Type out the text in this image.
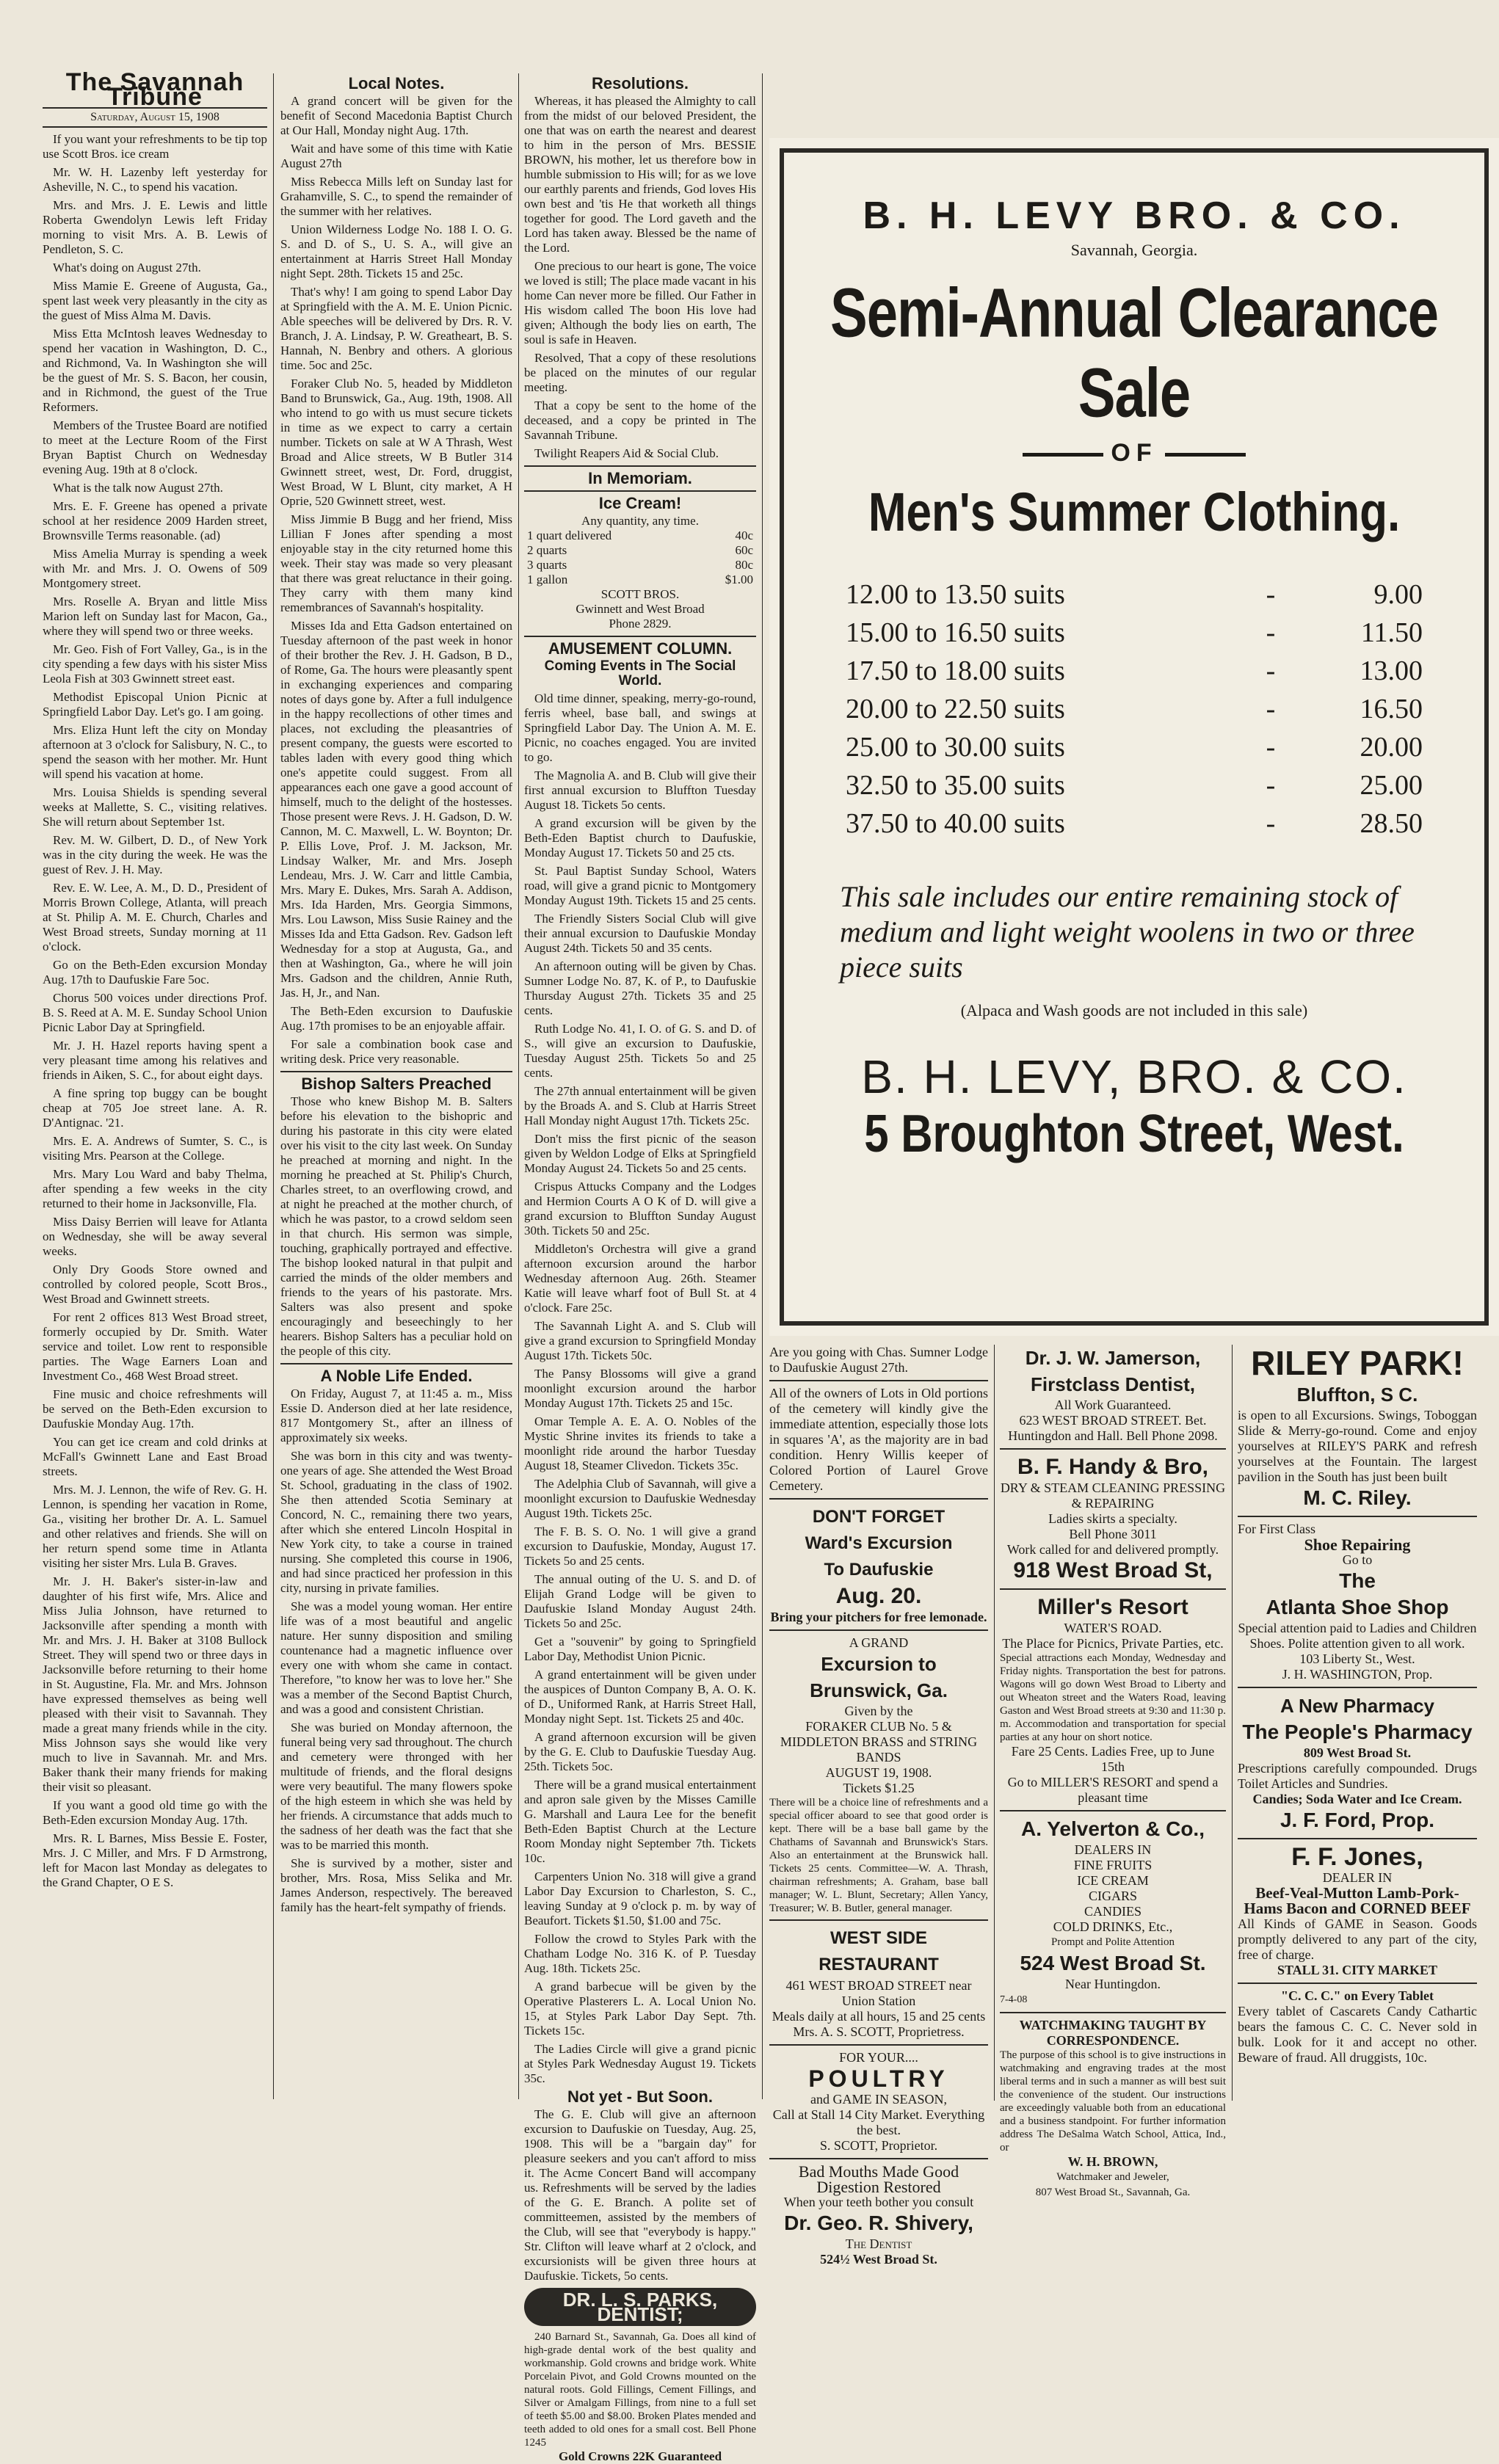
The Savannah Tribune
Saturday, August 15, 1908

If you want your refreshments to be tip top use Scott Bros. ice cream

Mr. W. H. Lazenby left yesterday for Asheville, N. C., to spend his vacation.

Mrs. and Mrs. J. E. Lewis and little Roberta Gwendolyn Lewis left Friday morning to visit Mrs. A. B. Lewis of Pendleton, S. C.

What's doing on August 27th.

Miss Mamie E. Greene of Augusta, Ga., spent last week very pleasantly in the city as the guest of Miss Alma M. Davis.

Miss Etta McIntosh leaves Wednesday to spend her vacation in Washington, D. C., and Richmond, Va. In Washington she will be the guest of Mr. S. S. Bacon, her cousin, and in Richmond, the guest of the True Reformers.

Members of the Trustee Board are notified to meet at the Lecture Room of the First Bryan Baptist Church on Wednesday evening Aug. 19th at 8 o'clock.

What is the talk now August 27th.

Mrs. E. F. Greene has opened a private school at her residence 2009 Harden street, Brownsville Terms reasonable. (ad)

Miss Amelia Murray is spending a week with Mr. and Mrs. J. O. Owens of 509 Montgomery street.

Mrs. Roselle A. Bryan and little Miss Marion left on Sunday last for Macon, Ga., where they will spend two or three weeks.

Mr. Geo. Fish of Fort Valley, Ga., is in the city spending a few days with his sister Miss Leola Fish at 303 Gwinnett street east.

Methodist Episcopal Union Picnic at Springfield Labor Day. Let's go. I am going.

Mrs. Eliza Hunt left the city on Monday afternoon at 3 o'clock for Salisbury, N. C., to spend the season with her mother. Mr. Hunt will spend his vacation at home.

Mrs. Louisa Shields is spending several weeks at Mallette, S. C., visiting relatives. She will return about September 1st.

Rev. M. W. Gilbert, D. D., of New York was in the city during the week. He was the guest of Rev. J. H. May.

Rev. E. W. Lee, A. M., D. D., President of Morris Brown College, Atlanta, will preach at St. Philip A. M. E. Church, Charles and West Broad streets, Sunday morning at 11 o'clock.

Go on the Beth-Eden excursion Monday Aug. 17th to Daufuskie Fare 5oc.

Chorus 500 voices under directions Prof. B. S. Reed at A. M. E. Sunday School Union Picnic Labor Day at Springfield.

Mr. J. H. Hazel reports having spent a very pleasant time among his relatives and friends in Aiken, S. C., for about eight days.

A fine spring top buggy can be bought cheap at 705 Joe street lane. A. R. D'Antignac. '21.

Mrs. E. A. Andrews of Sumter, S. C., is visiting Mrs. Pearson at the College.

Mrs. Mary Lou Ward and baby Thelma, after spending a few weeks in the city returned to their home in Jacksonville, Fla.

Miss Daisy Berrien will leave for Atlanta on Wednesday, she will be away several weeks.

Only Dry Goods Store owned and controlled by colored people, Scott Bros., West Broad and Gwinnett streets.

For rent 2 offices 813 West Broad street, formerly occupied by Dr. Smith. Water service and toilet. Low rent to responsible parties. The Wage Earners Loan and Investment Co., 468 West Broad street.

Fine music and choice refreshments will be served on the Beth-Eden excursion to Daufuskie Monday Aug. 17th.

You can get ice cream and cold drinks at McFall's Gwinnett Lane and East Broad streets.

Mrs. M. J. Lennon, the wife of Rev. G. H. Lennon, is spending her vacation in Rome, Ga., visiting her brother Dr. A. L. Samuel and other relatives and friends. She will on her return spend some time in Atlanta visiting her sister Mrs. Lula B. Graves.

Mr. J. H. Baker's sister-in-law and daughter of his first wife, Mrs. Alice and Miss Julia Johnson, have returned to Jacksonville after spending a month with Mr. and Mrs. J. H. Baker at 3108 Bullock Street. They will spend two or three days in Jacksonville before returning to their home in St. Augustine, Fla. Mr. and Mrs. Johnson have expressed themselves as being well pleased with their visit to Savannah. They made a great many friends while in the city. Miss Johnson says she would like very much to live in Savannah. Mr. and Mrs. Baker thank their many friends for making their visit so pleasant.

If you want a good old time go with the Beth-Eden excursion Monday Aug. 17th.

Mrs. R. L Barnes, Miss Bessie E. Foster, Mrs. J. C Miller, and Mrs. F D Armstrong, left for Macon last Monday as delegates to the Grand Chapter, O E S.

Local Notes.

A grand concert will be given for the benefit of Second Macedonia Baptist Church at Our Hall, Monday night Aug. 17th.

Wait and have some of this time with Katie August 27th

Miss Rebecca Mills left on Sunday last for Grahamville, S. C., to spend the remainder of the summer with her relatives.

Union Wilderness Lodge No. 188 I. O. G. S. and D. of S., U. S. A., will give an entertainment at Harris Street Hall Monday night Sept. 28th. Tickets 15 and 25c.

That's why! I am going to spend Labor Day at Springfield with the A. M. E. Union Picnic. Able speeches will be delivered by Drs. R. V. Branch, J. A. Lindsay, P. W. Greatheart, B. S. Hannah, N. Benbry and others. A glorious time. 5oc and 25c.

Foraker Club No. 5, headed by Middleton Band to Brunswick, Ga., Aug. 19th, 1908. All who intend to go with us must secure tickets in time as we expect to carry a certain number. Tickets on sale at W A Thrash, West Broad and Alice streets, W B Butler 314 Gwinnett street, west, Dr. Ford, druggist, West Broad, W L Blunt, city market, A H Oprie, 520 Gwinnett street, west.

Miss Jimmie B Bugg and her friend, Miss Lillian F Jones after spending a most enjoyable stay in the city returned home this week. Their stay was made so very pleasant that there was great reluctance in their going. They carry with them many kind remembrances of Savannah's hospitality.

Misses Ida and Etta Gadson entertained on Tuesday afternoon of the past week in honor of their brother the Rev. J. H. Gadson, B D., of Rome, Ga. The hours were pleasantly spent in exchanging experiences and comparing notes of days gone by. After a full indulgence in the happy recollections of other times and places, not excluding the pleasantries of present company, the guests were escorted to tables laden with every good thing which one's appetite could suggest. From all appearances each one gave a good account of himself, much to the delight of the hostesses. Those present were Revs. J. H. Gadson, D. W. Cannon, M. C. Maxwell, L. W. Boynton; Dr. P. Ellis Love, Prof. J. M. Jackson, Mr. Lindsay Walker, Mr. and Mrs. Joseph Lendeau, Mrs. J. W. Carr and little Cambia, Mrs. Mary E. Dukes, Mrs. Sarah A. Addison, Mrs. Ida Harden, Mrs. Georgia Simmons, Mrs. Lou Lawson, Miss Susie Rainey and the Misses Ida and Etta Gadson. Rev. Gadson left Wednesday for a stop at Augusta, Ga., and then at Washington, Ga., where he will join Mrs. Gadson and the children, Annie Ruth, Jas. H, Jr., and Nan.

The Beth-Eden excursion to Daufuskie Aug. 17th promises to be an enjoyable affair.

For sale a combination book case and writing desk. Price very reasonable.

Bishop Salters Preached

Those who knew Bishop M. B. Salters before his elevation to the bishopric and during his pastorate in this city were elated over his visit to the city last week. On Sunday he preached at morning and night. In the morning he preached at St. Philip's Church, Charles street, to an overflowing crowd, and at night he preached at the mother church, of which he was pastor, to a crowd seldom seen in that church. His sermon was simple, touching, graphically portrayed and effective. The bishop looked natural in that pulpit and carried the minds of the older members and friends to the years of his pastorate. Mrs. Salters was also present and spoke encouragingly and beseechingly to her hearers. Bishop Salters has a peculiar hold on the people of this city.

A Noble Life Ended.

On Friday, August 7, at 11:45 a. m., Miss Essie D. Anderson died at her late residence, 817 Montgomery St., after an illness of approximately six weeks.

She was born in this city and was twenty-one years of age. She attended the West Broad St. School, graduating in the class of 1902. She then attended Scotia Seminary at Concord, N. C., remaining there two years, after which she entered Lincoln Hospital in New York city, to take a course in trained nursing. She completed this course in 1906, and had since practiced her profession in this city, nursing in private families.

She was a model young woman. Her entire life was of a most beautiful and angelic nature. Her sunny disposition and smiling countenance had a magnetic influence over every one with whom she came in contact. Therefore, "to know her was to love her." She was a member of the Second Baptist Church, and was a good and consistent Christian.

She was buried on Monday afternoon, the funeral being very sad throughout. The church and cemetery were thronged with her multitude of friends, and the floral designs were very beautiful. The many flowers spoke of the high esteem in which she was held by her friends. A circumstance that adds much to the sadness of her death was the fact that she was to be married this month.

She is survived by a mother, sister and brother, Mrs. Rosa, Miss Selika and Mr. James Anderson, respectively. The bereaved family has the heart-felt sympathy of friends.

Resolutions.

Whereas, it has pleased the Almighty to call from the midst of our beloved President, the one that was on earth the nearest and dearest to him in the person of Mrs. BESSIE BROWN, his mother, let us therefore bow in humble submission to His will; for as we love our earthly parents and friends, God loves His own best and 'tis He that worketh all things together for good. The Lord gaveth and the Lord has taken away. Blessed be the name of the Lord.

One precious to our heart is gone, The voice we loved is still; The place made vacant in his home Can never more be filled. Our Father in His wisdom called The boon His love had given; Although the body lies on earth, The soul is safe in Heaven.

Resolved, That a copy of these resolutions be placed on the minutes of our regular meeting.

That a copy be sent to the home of the deceased, and a copy be printed in The Savannah Tribune.

Twilight Reapers Aid & Social Club.

In Memoriam.
Ice Cream!
Any quantity, any time.
1 quart delivered	40c
2 quarts	60c
3 quarts	80c
1 gallon	$1.00
SCOTT BROS.
Gwinnett and West Broad
Phone 2829.
AMUSEMENT COLUMN.
Coming Events in The Social World.

Old time dinner, speaking, merry-go-round, ferris wheel, base ball, and swings at Springfield Labor Day. The Union A. M. E. Picnic, no coaches engaged. You are invited to go.

The Magnolia A. and B. Club will give their first annual excursion to Bluffton Tuesday August 18. Tickets 5o cents.

A grand excursion will be given by the Beth-Eden Baptist church to Daufuskie, Monday August 17. Tickets 50 and 25 cts.

St. Paul Baptist Sunday School, Waters road, will give a grand picnic to Montgomery Monday August 19th. Tickets 15 and 25 cents.

The Friendly Sisters Social Club will give their annual excursion to Daufuskie Monday August 24th. Tickets 50 and 35 cents.

An afternoon outing will be given by Chas. Sumner Lodge No. 87, K. of P., to Daufuskie Thursday August 27th. Tickets 35 and 25 cents.

Ruth Lodge No. 41, I. O. of G. S. and D. of S., will give an excursion to Daufuskie, Tuesday August 25th. Tickets 5o and 25 cents.

The 27th annual entertainment will be given by the Broads A. and S. Club at Harris Street Hall Monday night August 17th. Tickets 25c.

Don't miss the first picnic of the season given by Weldon Lodge of Elks at Springfield Monday August 24. Tickets 5o and 25 cents.

Crispus Attucks Company and the Lodges and Hermion Courts A O K of D. will give a grand excursion to Bluffton Sunday August 30th. Tickets 50 and 25c.

Middleton's Orchestra will give a grand afternoon excursion around the harbor Wednesday afternoon Aug. 26th. Steamer Katie will leave wharf foot of Bull St. at 4 o'clock. Fare 25c.

The Savannah Light A. and S. Club will give a grand excursion to Springfield Monday August 17th. Tickets 50c.

The Pansy Blossoms will give a grand moonlight excursion around the harbor Monday August 17th. Tickets 25 and 15c.

Omar Temple A. E. A. O. Nobles of the Mystic Shrine invites its friends to take a moonlight ride around the harbor Tuesday August 18, Steamer Clivedon. Tickets 35c.

The Adelphia Club of Savannah, will give a moonlight excursion to Daufuskie Wednesday August 19th. Tickets 25c.

The F. B. S. O. No. 1 will give a grand excursion to Daufuskie, Monday, August 17. Tickets 5o and 25 cents.

The annual outing of the U. S. and D. of Elijah Grand Lodge will be given to Daufuskie Island Monday August 24th. Tickets 5o and 25c.

Get a "souvenir" by going to Springfield Labor Day, Methodist Union Picnic.

A grand entertainment will be given under the auspices of Dunton Company B, A. O. K. of D., Uniformed Rank, at Harris Street Hall, Monday night Sept. 1st. Tickets 25 and 40c.

A grand afternoon excursion will be given by the G. E. Club to Daufuskie Tuesday Aug. 25th. Tickets 5oc.

There will be a grand musical entertainment and apron sale given by the Misses Camille G. Marshall and Laura Lee for the benefit Beth-Eden Baptist Church at the Lecture Room Monday night September 7th. Tickets 10c.

Carpenters Union No. 318 will give a grand Labor Day Excursion to Charleston, S. C., leaving Sunday at 9 o'clock p. m. by way of Beaufort. Tickets $1.50, $1.00 and 75c.

Follow the crowd to Styles Park with the Chatham Lodge No. 316 K. of P. Tuesday Aug. 18th. Tickets 25c.

A grand barbecue will be given by the Operative Plasterers L. A. Local Union No. 15, at Styles Park Labor Day Sept. 7th. Tickets 15c.

The Ladies Circle will give a grand picnic at Styles Park Wednesday August 19. Tickets 35c.

Not yet - But Soon.

The G. E. Club will give an afternoon excursion to Daufuskie on Tuesday, Aug. 25, 1908. This will be a "bargain day" for pleasure seekers and you can't afford to miss it. The Acme Concert Band will accompany us. Refreshments will be served by the ladies of the G. E. Branch. A polite set of committeemen, assisted by the members of the Club, will see that "everybody is happy." Str. Clifton will leave wharf at 2 o'clock, and excursionists will be given three hours at Daufuskie. Tickets, 5o cents.

DR. L. S. PARKS, DENTIST;

240 Barnard St., Savannah, Ga. Does all kind of high-grade dental work of the best quality and workmanship. Gold crowns and bridge work. White Porcelain Pivot, and Gold Crowns mounted on the natural roots. Gold Fillings, Cement Fillings, and Silver or Amalgam Fillings, from nine to a full set of teeth $5.00 and $8.00. Broken Plates mended and teeth added to old ones for a small cost. Bell Phone 1245

Gold Crowns 22K Guaranteed
B. H. LEVY BRO. & CO.
Savannah, Georgia.
Semi-Annual Clearance Sale
OF
Men's Summer Clothing.
12.00 to 13.50 suits	-	9.00
15.00 to 16.50 suits	-	11.50
17.50 to 18.00 suits	-	13.00
20.00 to 22.50 suits	-	16.50
25.00 to 30.00 suits	-	20.00
32.50 to 35.00 suits	-	25.00
37.50 to 40.00 suits	-	28.50
This sale includes our entire remaining stock of medium and light weight woolens in two or three piece suits
(Alpaca and Wash goods are not included in this sale)
B. H. LEVY, BRO. & CO.
5 Broughton Street, West.
Are you going with Chas. Sumner Lodge to Daufuskie August 27th.
All of the owners of Lots in Old portions of the cemetery will kindly give the immediate attention, especially those lots in squares 'A', as the majority are in bad condition. Henry Willis keeper of Colored Portion of Laurel Grove Cemetery.
DON'T FORGET
Ward's Excursion
To Daufuskie
Aug. 20.
Bring your pitchers for free lemonade.
A GRAND
Excursion to Brunswick, Ga.
Given by the
FORAKER CLUB No. 5 & MIDDLETON BRASS and STRING BANDS
AUGUST 19, 1908.
Tickets $1.25
There will be a choice line of refreshments and a special officer aboard to see that good order is kept. There will be a base ball game by the Chathams of Savannah and Brunswick's Stars. Also an entertainment at the Brunswick hall. Tickets 25 cents. Committee—W. A. Thrash, chairman refreshments; A. Graham, base ball manager; W. L. Blunt, Secretary; Allen Yancy, Treasurer; W. B. Butler, general manager.
WEST SIDE RESTAURANT
461 WEST BROAD STREET near Union Station
Meals daily at all hours, 15 and 25 cents
Mrs. A. S. SCOTT, Proprietress.
FOR YOUR....
POULTRY
and GAME IN SEASON,
Call at Stall 14 City Market. Everything the best.
S. SCOTT, Proprietor.
Bad Mouths Made Good
Digestion Restored
When your teeth bother you consult
Dr. Geo. R. Shivery,
The Dentist
524½ West Broad St.
Dr. J. W. Jamerson,
Firstclass Dentist,
All Work Guaranteed.
623 WEST BROAD STREET. Bet. Huntingdon and Hall. Bell Phone 2098.
B. F. Handy & Bro,
DRY & STEAM CLEANING PRESSING & REPAIRING
Ladies skirts a specialty.
Bell Phone 3011
Work called for and delivered promptly.
918 West Broad St,
Miller's Resort
WATER'S ROAD.
The Place for Picnics, Private Parties, etc.
Special attractions each Monday, Wednesday and Friday nights. Transportation the best for patrons. Wagons will go down West Broad to Liberty and out Wheaton street and the Waters Road, leaving Gaston and West Broad streets at 9:30 and 11:30 p. m. Accommodation and transportation for special parties at any hour on short notice.
Fare 25 Cents. Ladies Free, up to June 15th
Go to MILLER'S RESORT and spend a pleasant time
A. Yelverton & Co.,
DEALERS IN
FINE FRUITS
ICE CREAM
CIGARS
CANDIES
COLD DRINKS, Etc.,
Prompt and Polite Attention
524 West Broad St.
Near Huntingdon.
7-4-08
WATCHMAKING TAUGHT BY CORRESPONDENCE.
The purpose of this school is to give instructions in watchmaking and engraving trades at the most liberal terms and in such a manner as will best suit the convenience of the student. Our instructions are exceedingly valuable both from an educational and a business standpoint. For further information address The DeSalma Watch School, Attica, Ind., or
W. H. BROWN,
Watchmaker and Jeweler,
807 West Broad St., Savannah, Ga.
RILEY PARK!
Bluffton, S C.
is open to all Excursions. Swings, Toboggan Slide & Merry-go-round. Come and enjoy yourselves at RILEY'S PARK and refresh yourselves at the Fountain. The largest pavilion in the South has just been built
M. C. Riley.
For First Class
Shoe Repairing
Go to
The
Atlanta Shoe Shop
Special attention paid to Ladies and Children Shoes. Polite attention given to all work.
103 Liberty St., West.
J. H. WASHINGTON, Prop.
A New Pharmacy
The People's Pharmacy
809 West Broad St.
Prescriptions carefully compounded. Drugs Toilet Articles and Sundries.
Candies; Soda Water and Ice Cream.
J. F. Ford, Prop.
F. F. Jones,
DEALER IN
Beef-Veal-Mutton Lamb-Pork-Hams Bacon and CORNED BEEF
All Kinds of GAME in Season. Goods promptly delivered to any part of the city, free of charge.
STALL 31. CITY MARKET
"C. C. C." on Every Tablet
Every tablet of Cascarets Candy Cathartic bears the famous C. C. C. Never sold in bulk. Look for it and accept no other. Beware of fraud. All druggists, 10c.
